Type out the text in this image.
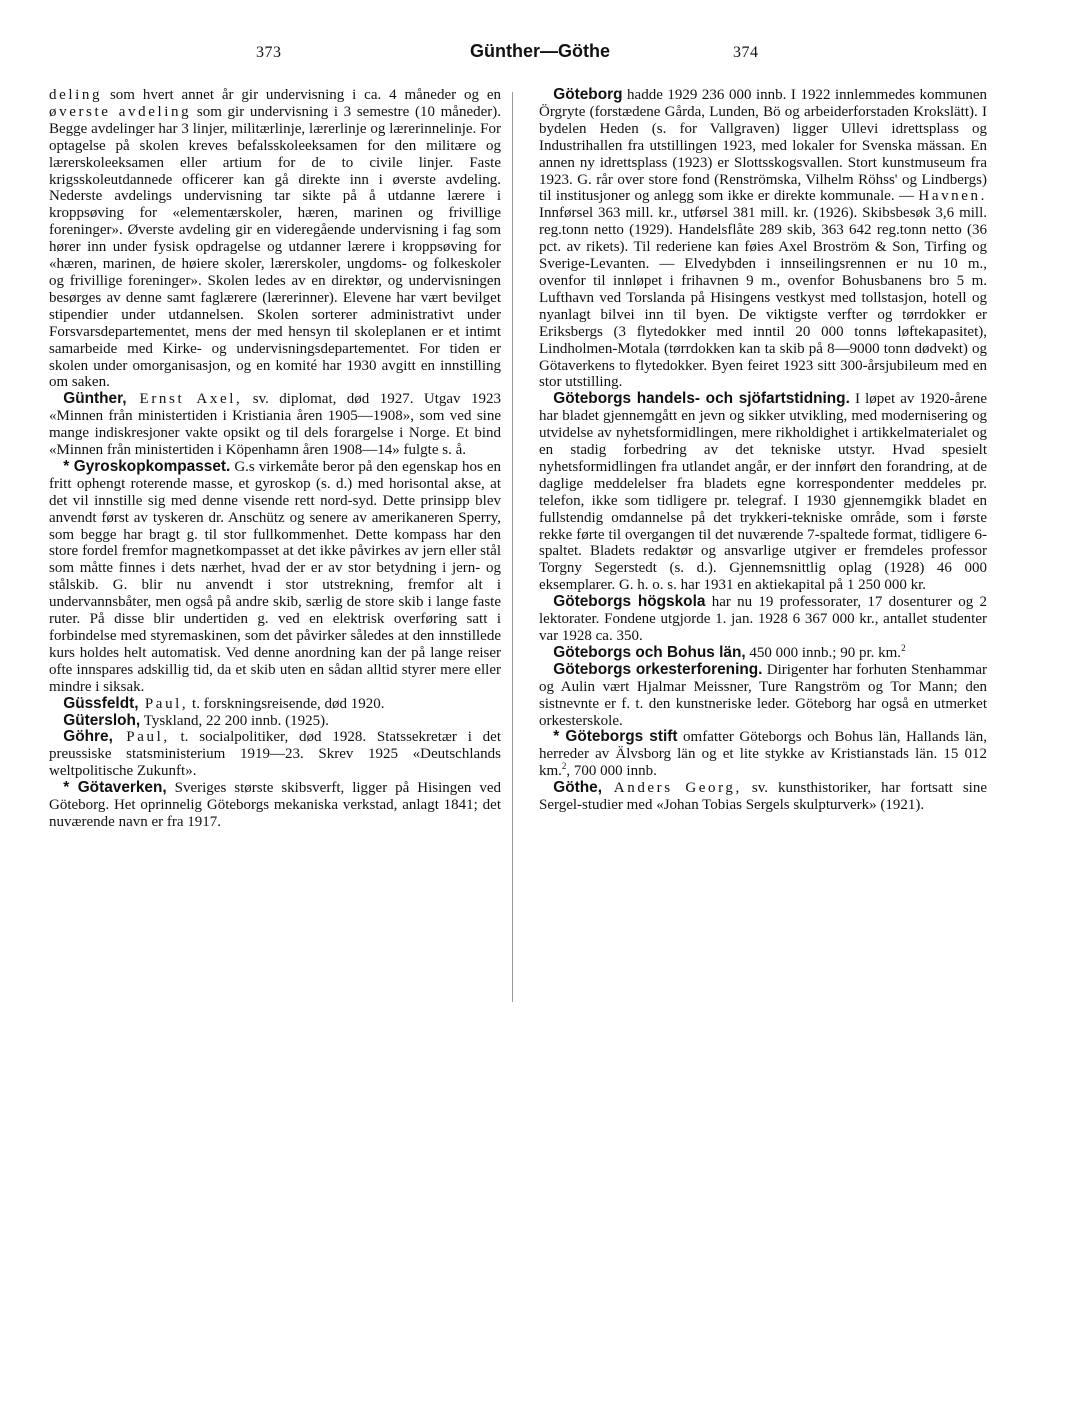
373	Günther—Göthe	374

deling som hvert annet år gir undervisning i ca. 4 måneder og en øverste avdeling som gir undervisning i 3 semestre (10 måneder). Begge avdelinger har 3 linjer, militærlinje, lærerlinje og lærerinnelinje. For optagelse på skolen kreves befalsskoleeksamen for den militære og lærerskoleeksamen eller artium for de to civile linjer. Faste krigsskoleutdannede officerer kan gå direkte inn i øverste avdeling. Nederste avdelings undervisning tar sikte på å utdanne lærere i kroppsøving for «elementærskoler, hæren, marinen og frivillige foreninger». Øverste avdeling gir en videregående undervisning i fag som hører inn under fysisk opdragelse og utdanner lærere i kroppsøving for «hæren, marinen, de høiere skoler, lærerskoler, ungdoms- og folkeskoler og frivillige foreninger». Skolen ledes av en direktør, og undervisningen besørges av denne samt faglærere (lærerinner). Elevene har vært bevilget stipendier under utdannelsen. Skolen sorterer administrativt under Forsvarsdepartementet, mens der med hensyn til skoleplanen er et intimt samarbeide med Kirke- og undervisningsdepartementet. For tiden er skolen under omorganisasjon, og en komité har 1930 avgitt en innstilling om saken.

Günther, Ernst Axel, sv. diplomat, død 1927. Utgav 1923 «Minnen från ministertiden i Kristiania åren 1905—1908», som ved sine mange indiskresjoner vakte opsikt og til dels forargelse i Norge. Et bind «Minnen från ministertiden i Köpenhamn åren 1908—14» fulgte s. å.

* Gyroskopkompasset. G.s virkemåte beror på den egenskap hos en fritt ophengt roterende masse, et gyroskop (s. d.) med horisontal akse, at det vil innstille sig med denne visende rett nord-syd. Dette prinsipp blev anvendt først av tyskeren dr. Anschütz og senere av amerikaneren Sperry, som begge har bragt g. til stor fullkommenhet. Dette kompass har den store fordel fremfor magnetkompasset at det ikke påvirkes av jern eller stål som måtte finnes i dets nærhet, hvad der er av stor betydning i jern- og stålskib. G. blir nu anvendt i stor utstrekning, fremfor alt i undervannsbåter, men også på andre skib, særlig de store skib i lange faste ruter. På disse blir undertiden g. ved en elektrisk overføring satt i forbindelse med styremaskinen, som det påvirker således at den innstillede kurs holdes helt automatisk. Ved denne anordning kan der på lange reiser ofte innspares adskillig tid, da et skib uten en sådan alltid styrer mere eller mindre i siksak.

Güssfeldt, Paul, t. forskningsreisende, død 1920.

Gütersloh, Tyskland, 22 200 innb. (1925).

Göhre, Paul, t. socialpolitiker, død 1928. Statssekretær i det preussiske statsministerium 1919—23. Skrev 1925 «Deutschlands weltpolitische Zukunft».

* Götaverken, Sveriges største skibsverft, ligger på Hisingen ved Göteborg. Het oprinnelig Göteborgs mekaniska verkstad, anlagt 1841; det nuværende navn er fra 1917.

Göteborg hadde 1929 236 000 innb. I 1922 innlemmedes kommunen Örgryte (forstædene Gårda, Lunden, Bö og arbeiderforstaden Krokslätt). I bydelen Heden (s. for Vallgraven) ligger Ullevi idrettsplass og Industrihallen fra utstillingen 1923, med lokaler for Svenska mässan. En annen ny idrettsplass (1923) er Slottsskogsvallen. Stort kunstmuseum fra 1923. G. rår over store fond (Renströmska, Vilhelm Röhss' og Lindbergs) til institusjoner og anlegg som ikke er direkte kommunale. — Havnen. Innførsel 363 mill. kr., utførsel 381 mill. kr. (1926). Skibsbesøk 3,6 mill. reg.tonn netto (1929). Handelsflåte 289 skib, 363 642 reg.tonn netto (36 pct. av rikets). Til rederiene kan føies Axel Broström & Son, Tirfing og Sverige-Levanten. — Elvedybden i innseilingsrennen er nu 10 m., ovenfor til innløpet i frihavnen 9 m., ovenfor Bohusbanens bro 5 m. Lufthavn ved Torslanda på Hisingens vestkyst med tollstasjon, hotell og nyanlagt bilvei inn til byen. De viktigste verfter og tørrdokker er Eriksbergs (3 flytedokker med inntil 20 000 tonns løftekapasitet), Lindholmen-Motala (tørrdokken kan ta skib på 8—9000 tonn dødvekt) og Götaverkens to flytedokker. Byen feiret 1923 sitt 300-årsjubileum med en stor utstilling.

Göteborgs handels- och sjöfartstidning. I løpet av 1920-årene har bladet gjennemgått en jevn og sikker utvikling, med modernisering og utvidelse av nyhetsformidlingen, mere rikholdighet i artikkelmaterialet og en stadig forbedring av det tekniske utstyr. Hvad spesielt nyhetsformidlingen fra utlandet angår, er der innført den forandring, at de daglige meddelelser fra bladets egne korrespondenter meddeles pr. telefon, ikke som tidligere pr. telegraf. I 1930 gjennemgikk bladet en fullstendig omdannelse på det trykkeri-tekniske område, som i første rekke førte til overgangen til det nuværende 7-spaltede format, tidligere 6-spaltet. Bladets redaktør og ansvarlige utgiver er fremdeles professor Torgny Segerstedt (s. d.). Gjennemsnittlig oplag (1928) 46 000 eksemplarer. G. h. o. s. har 1931 en aktiekapital på 1 250 000 kr.

Göteborgs högskola har nu 19 professorater, 17 dosenturer og 2 lektorater. Fondene utgjorde 1. jan. 1928 6 367 000 kr., antallet studenter var 1928 ca. 350.

Göteborgs och Bohus län, 450 000 innb.; 90 pr. km.$^2$

Göteborgs orkesterforening. Dirigenter har forhuten Stenhammar og Aulin vært Hjalmar Meissner, Ture Rangström og Tor Mann; den sistnevnte er f. t. den kunstneriske leder. Göteborg har også en utmerket orkesterskole.

* Göteborgs stift omfatter Göteborgs och Bohus län, Hallands län, herreder av Älvsborg län og et lite stykke av Kristianstads län. 15 012 km.$^2$, 700 000 innb.

Göthe, Anders Georg, sv. kunsthistoriker, har fortsatt sine Sergel-studier med «Johan Tobias Sergels skulpturverk» (1921).
